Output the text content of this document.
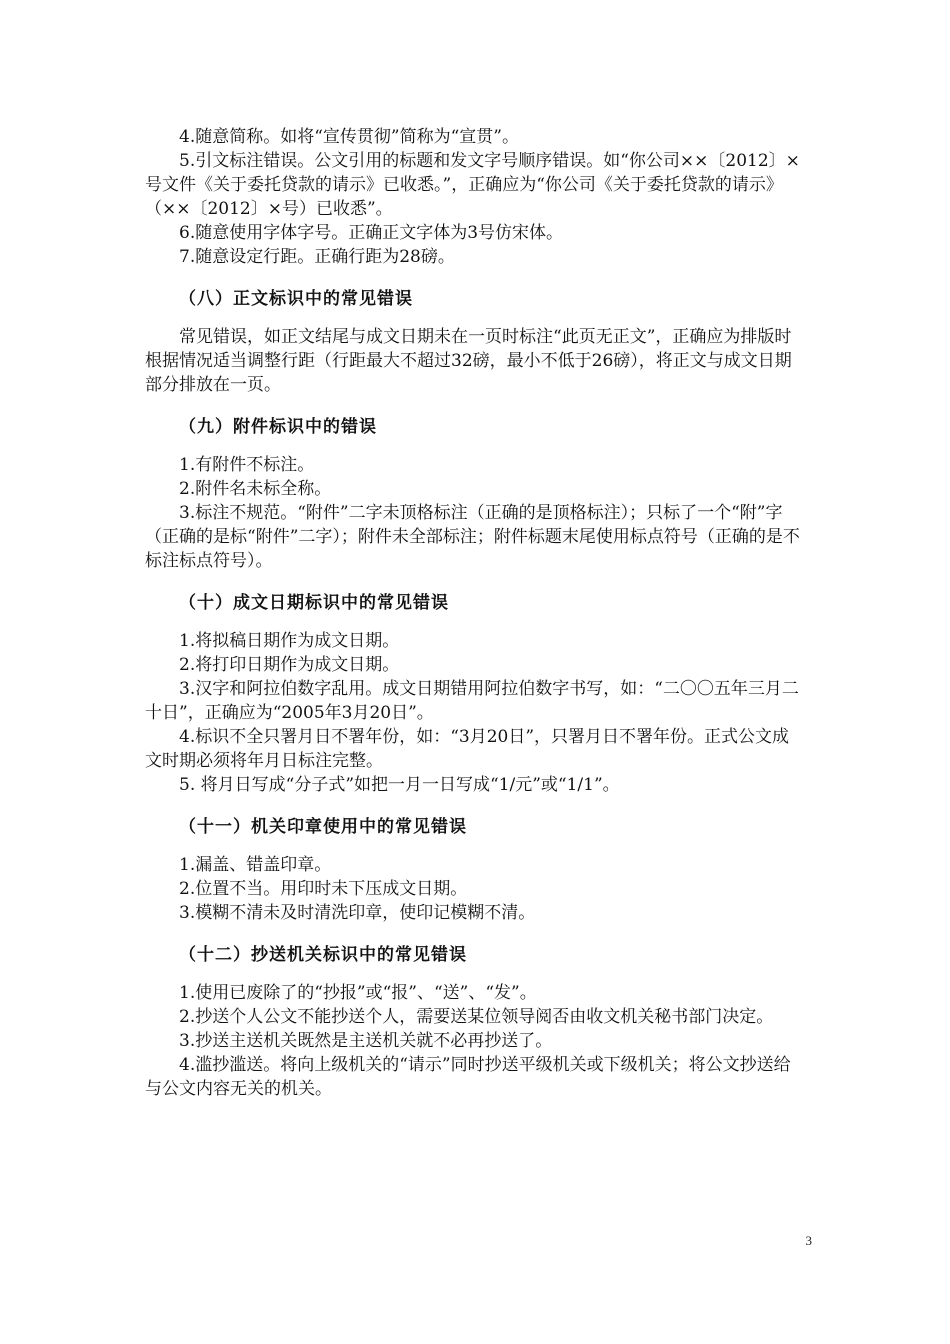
4.随意简称。如将“宣传贯彻”简称为“宣贯”。

5.引文标注错误。公文引用的标题和发文字号顺序错误。如“你公司××〔2012〕×号文件《关于委托贷款的请示》已收悉。”，正确应为“你公司《关于委托贷款的请示》（××〔2012〕×号）已收悉”。

6.随意使用字体字号。正确正文字体为3号仿宋体。

7.随意设定行距。正确行距为28磅。

（八）正文标识中的常见错误

常见错误，如正文结尾与成文日期未在一页时标注“此页无正文”，正确应为排版时根据情况适当调整行距（行距最大不超过32磅，最小不低于26磅），将正文与成文日期部分排放在一页。

（九）附件标识中的错误

1.有附件不标注。

2.附件名未标全称。

3.标注不规范。“附件”二字未顶格标注（正确的是顶格标注）；只标了一个“附”字（正确的是标“附件”二字）；附件未全部标注；附件标题末尾使用标点符号（正确的是不标注标点符号）。

（十）成文日期标识中的常见错误

1.将拟稿日期作为成文日期。

2.将打印日期作为成文日期。

3.汉字和阿拉伯数字乱用。成文日期错用阿拉伯数字书写，如：“二〇〇五年三月二十日”，正确应为“2005年3月20日”。

4.标识不全只署月日不署年份，如：“3月20日”，只署月日不署年份。正式公文成文时期必须将年月日标注完整。

5. 将月日写成“分子式”如把一月一日写成“1/元”或“1/1”。

（十一）机关印章使用中的常见错误

1.漏盖、错盖印章。

2.位置不当。用印时未下压成文日期。

3.模糊不清未及时清洗印章，使印记模糊不清。

（十二）抄送机关标识中的常见错误

1.使用已废除了的“抄报”或“报”、“送”、“发”。

2.抄送个人公文不能抄送个人，需要送某位领导阅否由收文机关秘书部门决定。

3.抄送主送机关既然是主送机关就不必再抄送了。

4.滥抄滥送。将向上级机关的“请示”同时抄送平级机关或下级机关；将公文抄送给与公文内容无关的机关。

3
